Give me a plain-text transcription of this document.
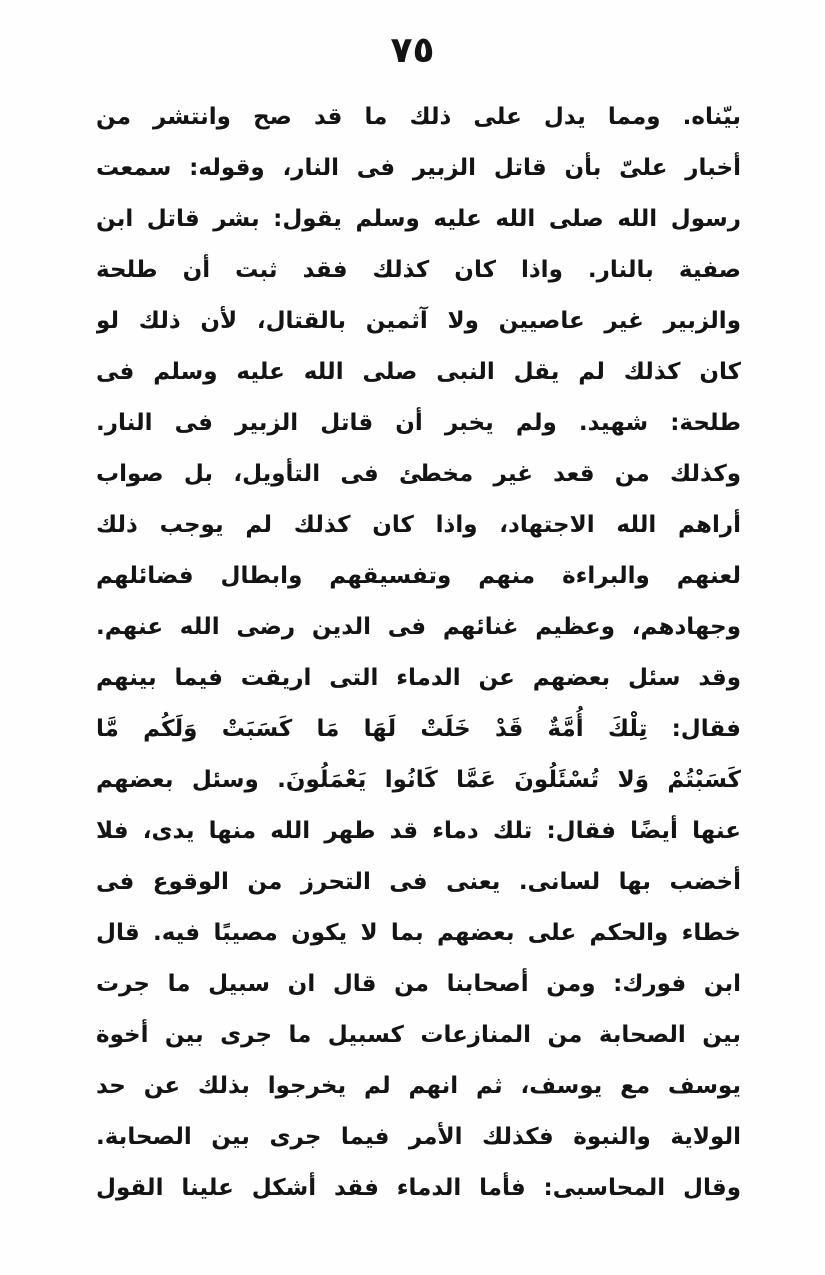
٧٥
بيّناه. ومما يدل على ذلك ما قد صح وانتشر من
أخبار علىّ بأن قاتل الزبير فى النار، وقوله: سمعت
رسول الله صلى الله عليه وسلم يقول: بشر قاتل ابن
صفية بالنار. واذا كان كذلك فقد ثبت أن طلحة
والزبير غير عاصيين ولا آثمين بالقتال، لأن ذلك لو
كان كذلك لم يقل النبى صلى الله عليه وسلم فى
طلحة: شهيد. ولم يخبر أن قاتل الزبير فى النار.
وكذلك من قعد غير مخطئ فى التأويل، بل صواب
أراهم الله الاجتهاد، واذا كان كذلك لم يوجب ذلك
لعنهم والبراءة منهم وتفسيقهم وابطال فضائلهم
وجهادهم، وعظيم غنائهم فى الدين رضى الله عنهم.
وقد سئل بعضهم عن الدماء التى اريقت فيما بينهم
فقال: تِلْكَ أُمَّةٌ قَدْ خَلَتْ لَهَا مَا كَسَبَتْ وَلَكُم مَّا
كَسَبْتُمْ وَلا تُسْئَلُونَ عَمَّا كَانُوا يَعْمَلُونَ. وسئل بعضهم
عنها أيضًا فقال: تلك دماء قد طهر الله منها يدى، فلا
أخضب بها لسانى. يعنى فى التحرز من الوقوع فى
خطاء والحكم على بعضهم بما لا يكون مصيبًا فيه. قال
ابن فورك: ومن أصحابنا من قال ان سبيل ما جرت
بين الصحابة من المنازعات كسبيل ما جرى بين أخوة
يوسف مع يوسف، ثم انهم لم يخرجوا بذلك عن حد
الولاية والنبوة فكذلك الأمر فيما جرى بين الصحابة.
وقال المحاسبى: فأما الدماء فقد أشكل علينا القول
